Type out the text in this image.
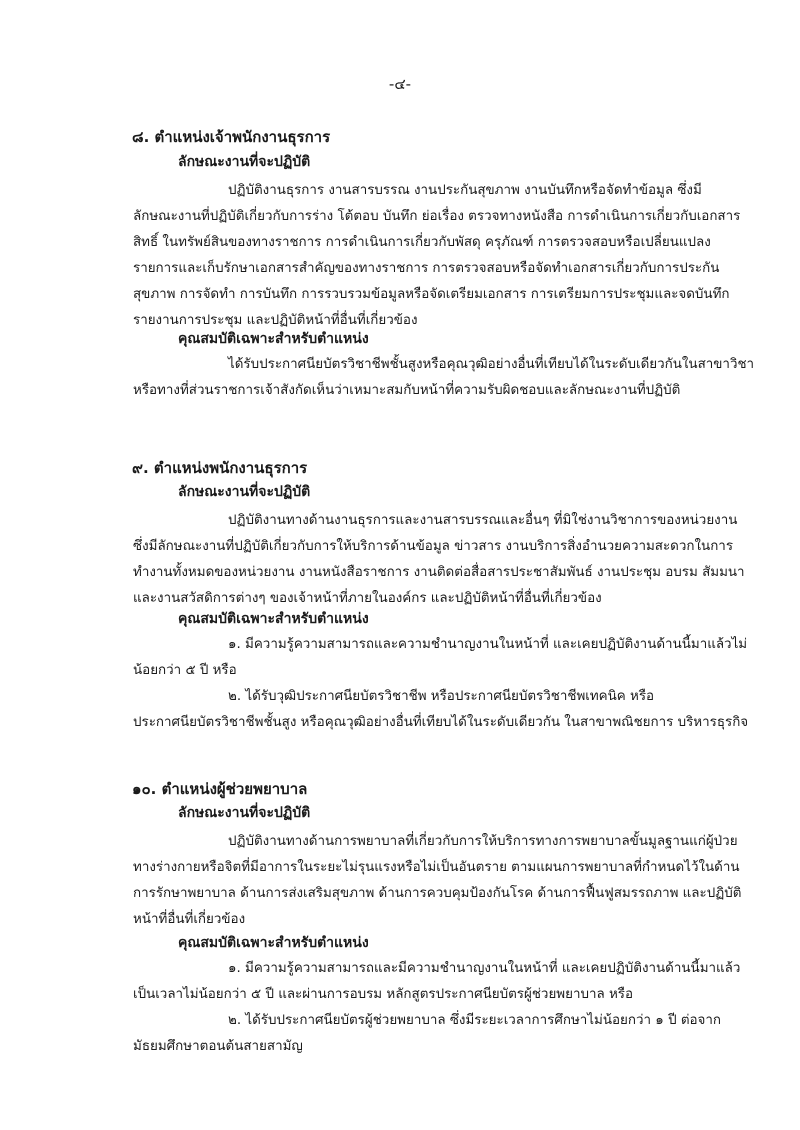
-๔-
๘. ตำแหน่งเจ้าพนักงานธุรการ
ลักษณะงานที่จะปฏิบัติ
ปฏิบัติงานธุรการ งานสารบรรณ งานประกันสุขภาพ งานบันทึกหรือจัดทำข้อมูล ซึ่งมี
ลักษณะงานที่ปฏิบัติเกี่ยวกับการร่าง โต้ตอบ บันทึก ย่อเรื่อง ตรวจทางหนังสือ การดำเนินการเกี่ยวกับเอกสาร
สิทธิ์ ในทรัพย์สินของทางราชการ การดำเนินการเกี่ยวกับพัสดุ ครุภัณฑ์ การตรวจสอบหรือเปลี่ยนแปลง
รายการและเก็บรักษาเอกสารสำคัญของทางราชการ การตรวจสอบหรือจัดทำเอกสารเกี่ยวกับการประกัน
สุขภาพ การจัดทำ การบันทึก การรวบรวมข้อมูลหรือจัดเตรียมเอกสาร การเตรียมการประชุมและจดบันทึก
รายงานการประชุม และปฏิบัติหน้าที่อื่นที่เกี่ยวข้อง
คุณสมบัติเฉพาะสำหรับตำแหน่ง
ได้รับประกาศนียบัตรวิชาชีพชั้นสูงหรือคุณวุฒิอย่างอื่นที่เทียบได้ในระดับเดียวกันในสาขาวิชา
หรือทางที่ส่วนราชการเจ้าสังกัดเห็นว่าเหมาะสมกับหน้าที่ความรับผิดชอบและลักษณะงานที่ปฏิบัติ
๙. ตำแหน่งพนักงานธุรการ
ลักษณะงานที่จะปฏิบัติ
ปฏิบัติงานทางด้านงานธุรการและงานสารบรรณและอื่นๆ ที่มิใช่งานวิชาการของหน่วยงาน
ซึ่งมีลักษณะงานที่ปฏิบัติเกี่ยวกับการให้บริการด้านข้อมูล ข่าวสาร งานบริการสิ่งอำนวยความสะดวกในการ
ทำงานทั้งหมดของหน่วยงาน งานหนังสือราชการ งานติดต่อสื่อสารประชาสัมพันธ์ งานประชุม อบรม สัมมนา
และงานสวัสดิการต่างๆ ของเจ้าหน้าที่ภายในองค์กร และปฏิบัติหน้าที่อื่นที่เกี่ยวข้อง
คุณสมบัติเฉพาะสำหรับตำแหน่ง
๑. มีความรู้ความสามารถและความชำนาญงานในหน้าที่ และเคยปฏิบัติงานด้านนี้มาแล้วไม่
น้อยกว่า ๕ ปี หรือ
๒. ได้รับวุฒิประกาศนียบัตรวิชาชีพ หรือประกาศนียบัตรวิชาชีพเทคนิค หรือ
ประกาศนียบัตรวิชาชีพชั้นสูง หรือคุณวุฒิอย่างอื่นที่เทียบได้ในระดับเดียวกัน ในสาขาพณิชยการ บริหารธุรกิจ
๑๐. ตำแหน่งผู้ช่วยพยาบาล
ลักษณะงานที่จะปฏิบัติ
ปฏิบัติงานทางด้านการพยาบาลที่เกี่ยวกับการให้บริการทางการพยาบาลขั้นมูลฐานแก่ผู้ป่วย
ทางร่างกายหรือจิตที่มีอาการในระยะไม่รุนแรงหรือไม่เป็นอันตราย ตามแผนการพยาบาลที่กำหนดไว้ในด้าน
การรักษาพยาบาล ด้านการส่งเสริมสุขภาพ ด้านการควบคุมป้องกันโรค ด้านการฟื้นฟูสมรรถภาพ และปฏิบัติ
หน้าที่อื่นที่เกี่ยวข้อง
คุณสมบัติเฉพาะสำหรับตำแหน่ง
๑. มีความรู้ความสามารถและมีความชำนาญงานในหน้าที่ และเคยปฏิบัติงานด้านนี้มาแล้ว
เป็นเวลาไม่น้อยกว่า ๕ ปี และผ่านการอบรม หลักสูตรประกาศนียบัตรผู้ช่วยพยาบาล หรือ
๒. ได้รับประกาศนียบัตรผู้ช่วยพยาบาล ซึ่งมีระยะเวลาการศึกษาไม่น้อยกว่า ๑ ปี ต่อจาก
มัธยมศึกษาตอนต้นสายสามัญ
